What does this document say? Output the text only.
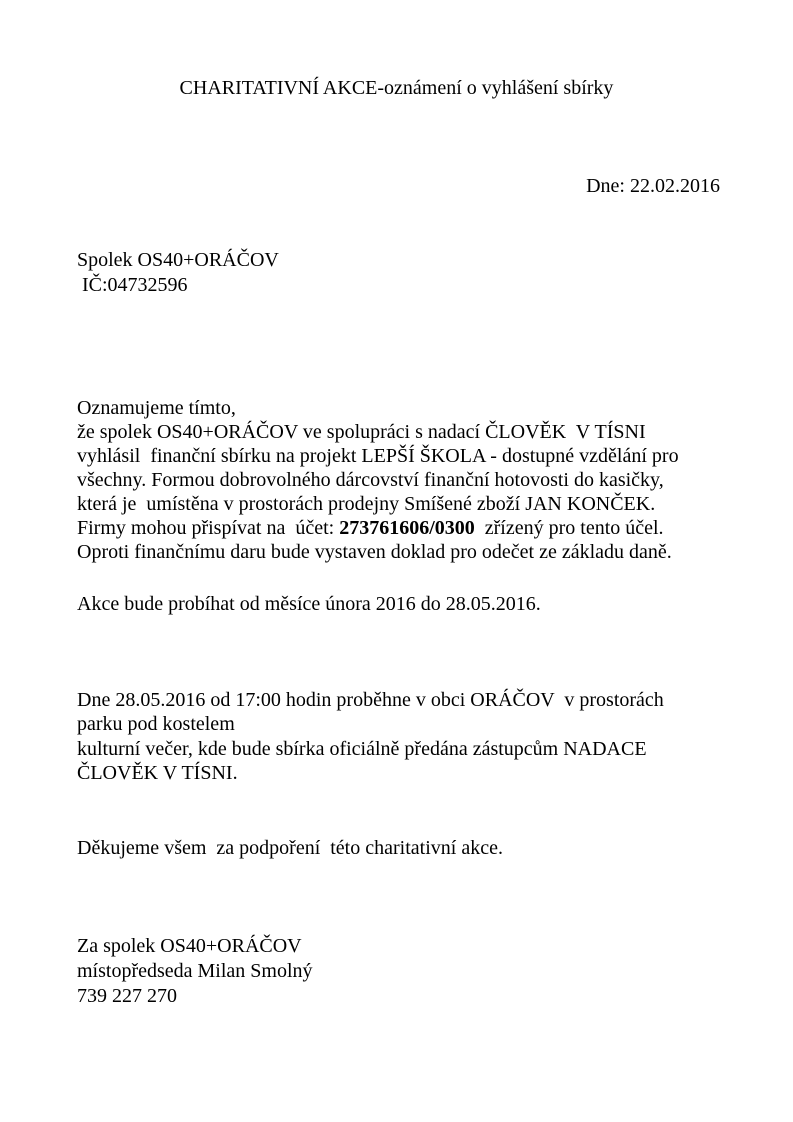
CHARITATIVNÍ AKCE-oznámení o vyhlášení sbírky
Dne: 22.02.2016
Spolek OS40+ORÁČOV
IČ:04732596
Oznamujeme tímto,
že spolek OS40+ORÁČOV ve spolupráci s nadací ČLOVĚK  V TÍSNI
vyhlásil  finanční sbírku na projekt LEPŠÍ ŠKOLA - dostupné vzdělání pro
všechny. Formou dobrovolného dárcovství finanční hotovosti do kasičky,
která je  umístěna v prostorách prodejny Smíšené zboží JAN KONČEK.
Firmy mohou přispívat na  účet: 273761606/0300  zřízený pro tento účel.
Oproti finančnímu daru bude vystaven doklad pro odečet ze základu daně.
Akce bude probíhat od měsíce února 2016 do 28.05.2016.
Dne 28.05.2016 od 17:00 hodin proběhne v obci ORÁČOV  v prostorách
parku pod kostelem
kulturní večer, kde bude sbírka oficiálně předána zástupcům NADACE
ČLOVĚK V TÍSNI.
Děkujeme všem  za podpoření  této charitativní akce.
Za spolek OS40+ORÁČOV
místopředseda Milan Smolný
739 227 270
